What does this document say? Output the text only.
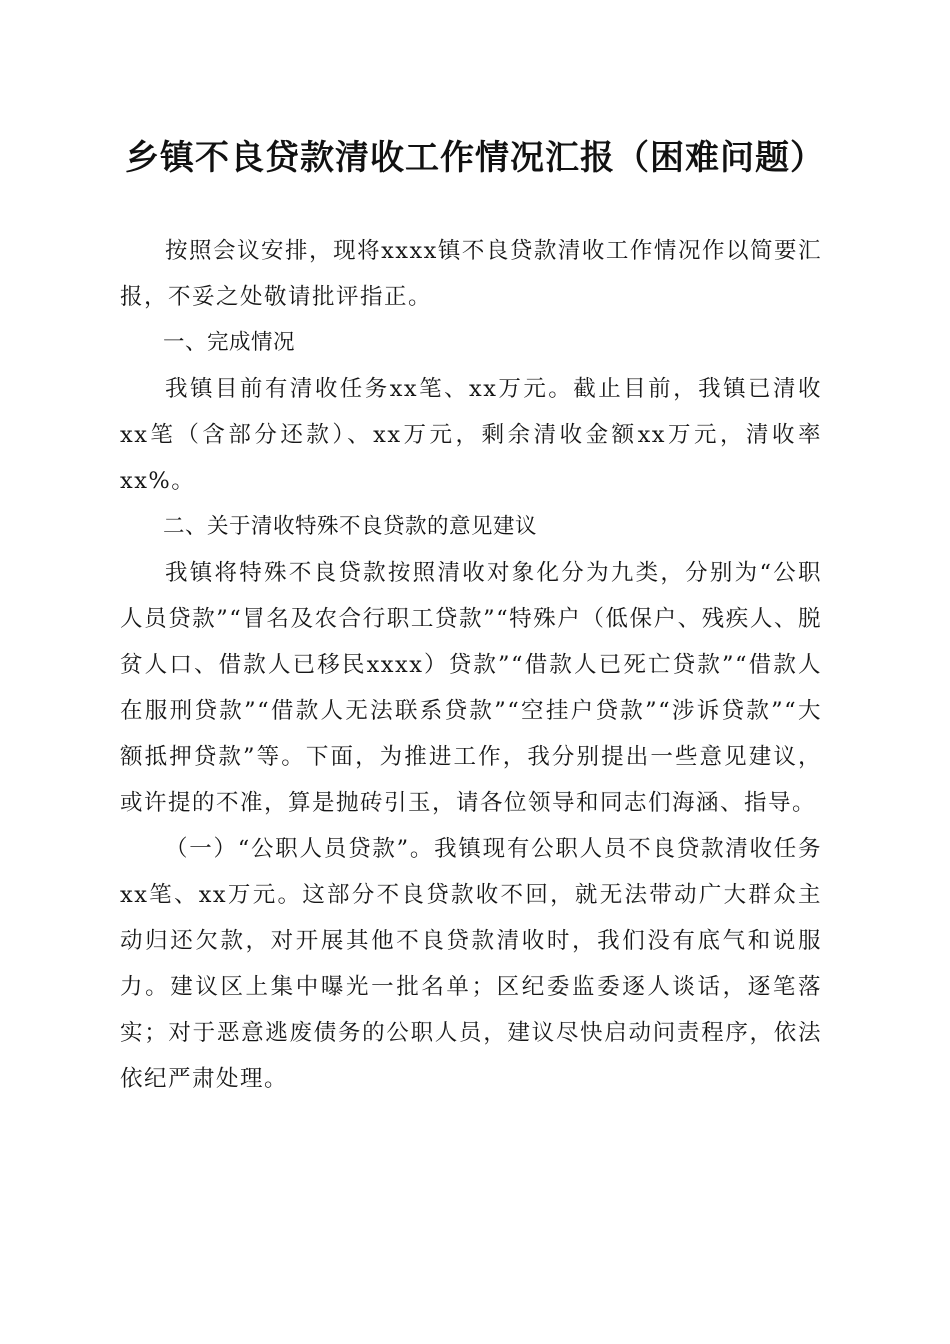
乡镇不良贷款清收工作情况汇报（困难问题）

按照会议安排，现将xxxx镇不良贷款清收工作情况作以简要汇报，不妥之处敬请批评指正。

一、完成情况

我镇目前有清收任务xx笔、xx万元。截止目前，我镇已清收xx笔（含部分还款）、xx万元，剩余清收金额xx万元，清收率xx%。

二、关于清收特殊不良贷款的意见建议

我镇将特殊不良贷款按照清收对象化分为九类，分别为“公职人员贷款”“冒名及农合行职工贷款”“特殊户（低保户、残疾人、脱贫人口、借款人已移民xxxx）贷款”“借款人已死亡贷款”“借款人在服刑贷款”“借款人无法联系贷款”“空挂户贷款”“涉诉贷款”“大额抵押贷款”等。下面，为推进工作，我分别提出一些意见建议，或许提的不准，算是抛砖引玉，请各位领导和同志们海涵、指导。

（一）“公职人员贷款”。我镇现有公职人员不良贷款清收任务xx笔、xx万元。这部分不良贷款收不回，就无法带动广大群众主动归还欠款，对开展其他不良贷款清收时，我们没有底气和说服力。建议区上集中曝光一批名单；区纪委监委逐人谈话，逐笔落实；对于恶意逃废债务的公职人员，建议尽快启动问责程序，依法依纪严肃处理。
